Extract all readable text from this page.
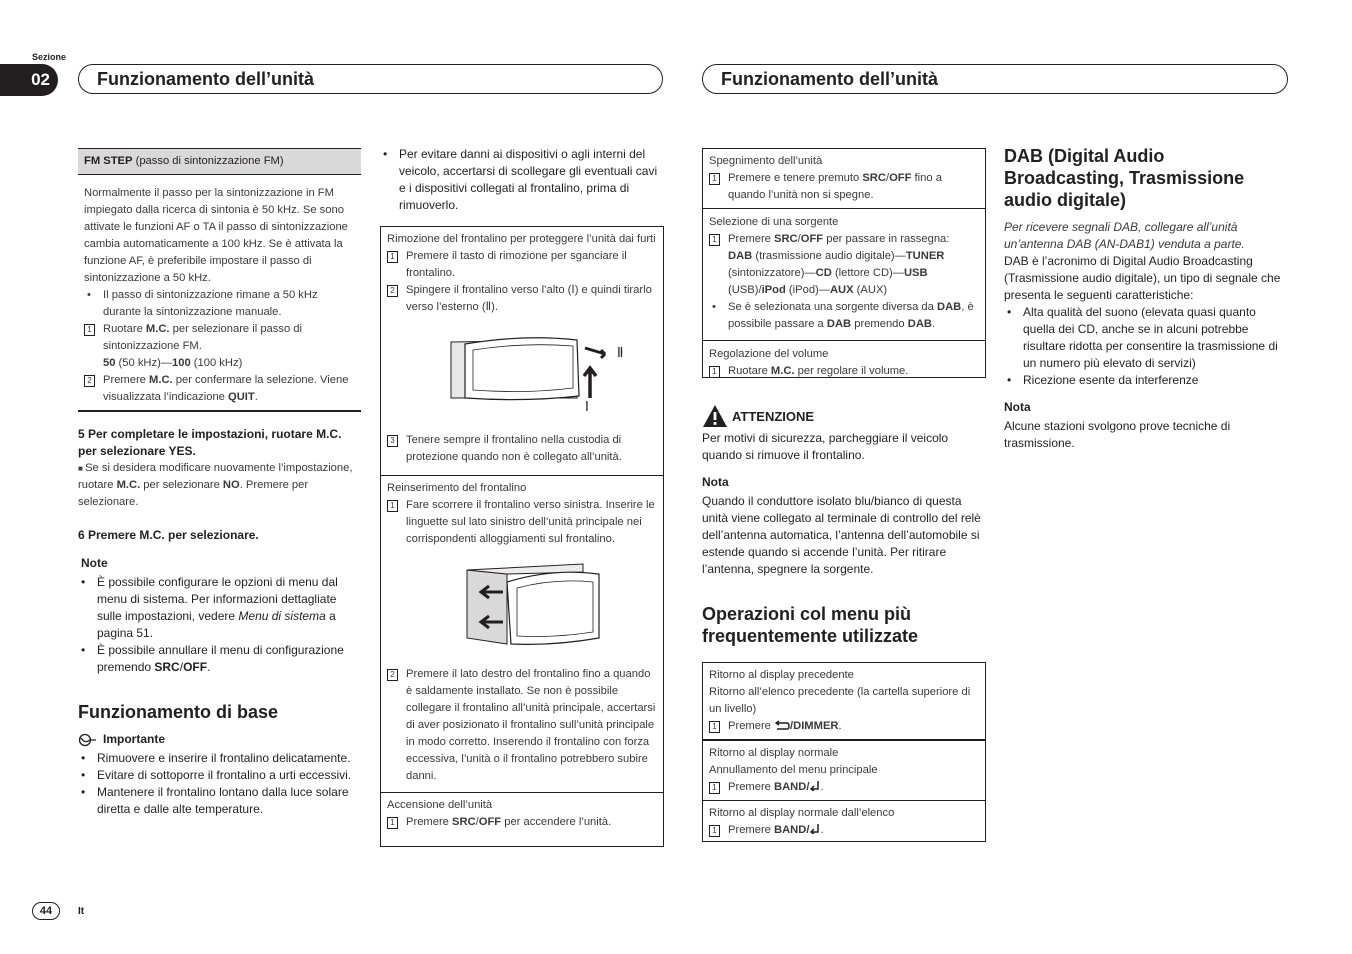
Sezione
02	Funzionamento dell’unità	Funzionamento dell’unità
FM STEP (passo di sintonizzazione FM)
Normalmente il passo per la sintonizzazione in FM impiegato dalla ricerca di sintonia è 50 kHz. Se sono attivate le funzioni AF o TA il passo di sintonizzazione cambia automaticamente a 100 kHz. Se è attivata la funzione AF, è preferibile impostare il passo di sintonizzazione a 50 kHz.
• Il passo di sintonizzazione rimane a 50 kHz durante la sintonizzazione manuale.
1 Ruotare M.C. per selezionare il passo di sintonizzazione FM.
50 (50 kHz)—100 (100 kHz)
2 Premere M.C. per confermare la selezione. Viene visualizzata l’indicazione QUIT.
5 Per completare le impostazioni, ruotare M.C. per selezionare YES.
■ Se si desidera modificare nuovamente l’impostazione, ruotare M.C. per selezionare NO. Premere per selezionare.
6 Premere M.C. per selezionare.
Note
• È possibile configurare le opzioni di menu dal menu di sistema. Per informazioni dettagliate sulle impostazioni, vedere Menu di sistema a pagina 51.
• È possibile annullare il menu di configurazione premendo SRC/OFF.
Funzionamento di base
Importante
• Rimuovere e inserire il frontalino delicatamente.
• Evitare di sottoporre il frontalino a urti eccessivi.
• Mantenere il frontalino lontano dalla luce solare diretta e dalle alte temperature.
• Per evitare danni ai dispositivi o agli interni del veicolo, accertarsi di scollegare gli eventuali cavi e i dispositivi collegati al frontalino, prima di rimuoverlo.
Rimozione del frontalino per proteggere l’unità dai furti
1 Premere il tasto di rimozione per sganciare il frontalino.
2 Spingere il frontalino verso l’alto (Ⅰ) e quindi tirarlo verso l’esterno (Ⅱ).
Ⅱ
Ⅰ
3 Tenere sempre il frontalino nella custodia di protezione quando non è collegato all’unità.
Reinserimento del frontalino
1 Fare scorrere il frontalino verso sinistra. Inserire le linguette sul lato sinistro dell’unità principale nei corrispondenti alloggiamenti sul frontalino.
2 Premere il lato destro del frontalino fino a quando è saldamente installato. Se non è possibile collegare il frontalino all’unità principale, accertarsi di aver posizionato il frontalino sull’unità principale in modo corretto. Inserendo il frontalino con forza eccessiva, l’unità o il frontalino potrebbero subire danni.
Accensione dell’unità
1 Premere SRC/OFF per accendere l’unità.
Spegnimento dell’unità
1 Premere e tenere premuto SRC/OFF fino a quando l’unità non si spegne.
Selezione di una sorgente
1 Premere SRC/OFF per passare in rassegna:
DAB (trasmissione audio digitale)—TUNER (sintonizzatore)—CD (lettore CD)—USB (USB)/iPod (iPod)—AUX (AUX)
• Se è selezionata una sorgente diversa da DAB, è possibile passare a DAB premendo DAB.
Regolazione del volume
1 Ruotare M.C. per regolare il volume.
ATTENZIONE
Per motivi di sicurezza, parcheggiare il veicolo quando si rimuove il frontalino.
Nota
Quando il conduttore isolato blu/bianco di questa unità viene collegato al terminale di controllo del relè dell’antenna automatica, l’antenna dell’automobile si estende quando si accende l’unità. Per ritirare l’antenna, spegnere la sorgente.
Operazioni col menu più frequentemente utilizzate
Ritorno al display precedente
Ritorno all’elenco precedente (la cartella superiore di un livello)
1 Premere /DIMMER.
Ritorno al display normale
Annullamento del menu principale
1 Premere BAND/ .
Ritorno al display normale dall’elenco
1 Premere BAND/ .
DAB (Digital Audio Broadcasting, Trasmissione audio digitale)
Per ricevere segnali DAB, collegare all’unità un’antenna DAB (AN-DAB1) venduta a parte.
DAB è l’acronimo di Digital Audio Broadcasting (Trasmissione audio digitale), un tipo di segnale che presenta le seguenti caratteristiche:
• Alta qualità del suono (elevata quasi quanto quella dei CD, anche se in alcuni potrebbe risultare ridotta per consentire la trasmissione di un numero più elevato di servizi)
• Ricezione esente da interferenze
Nota
Alcune stazioni svolgono prove tecniche di trasmissione.
44	It
